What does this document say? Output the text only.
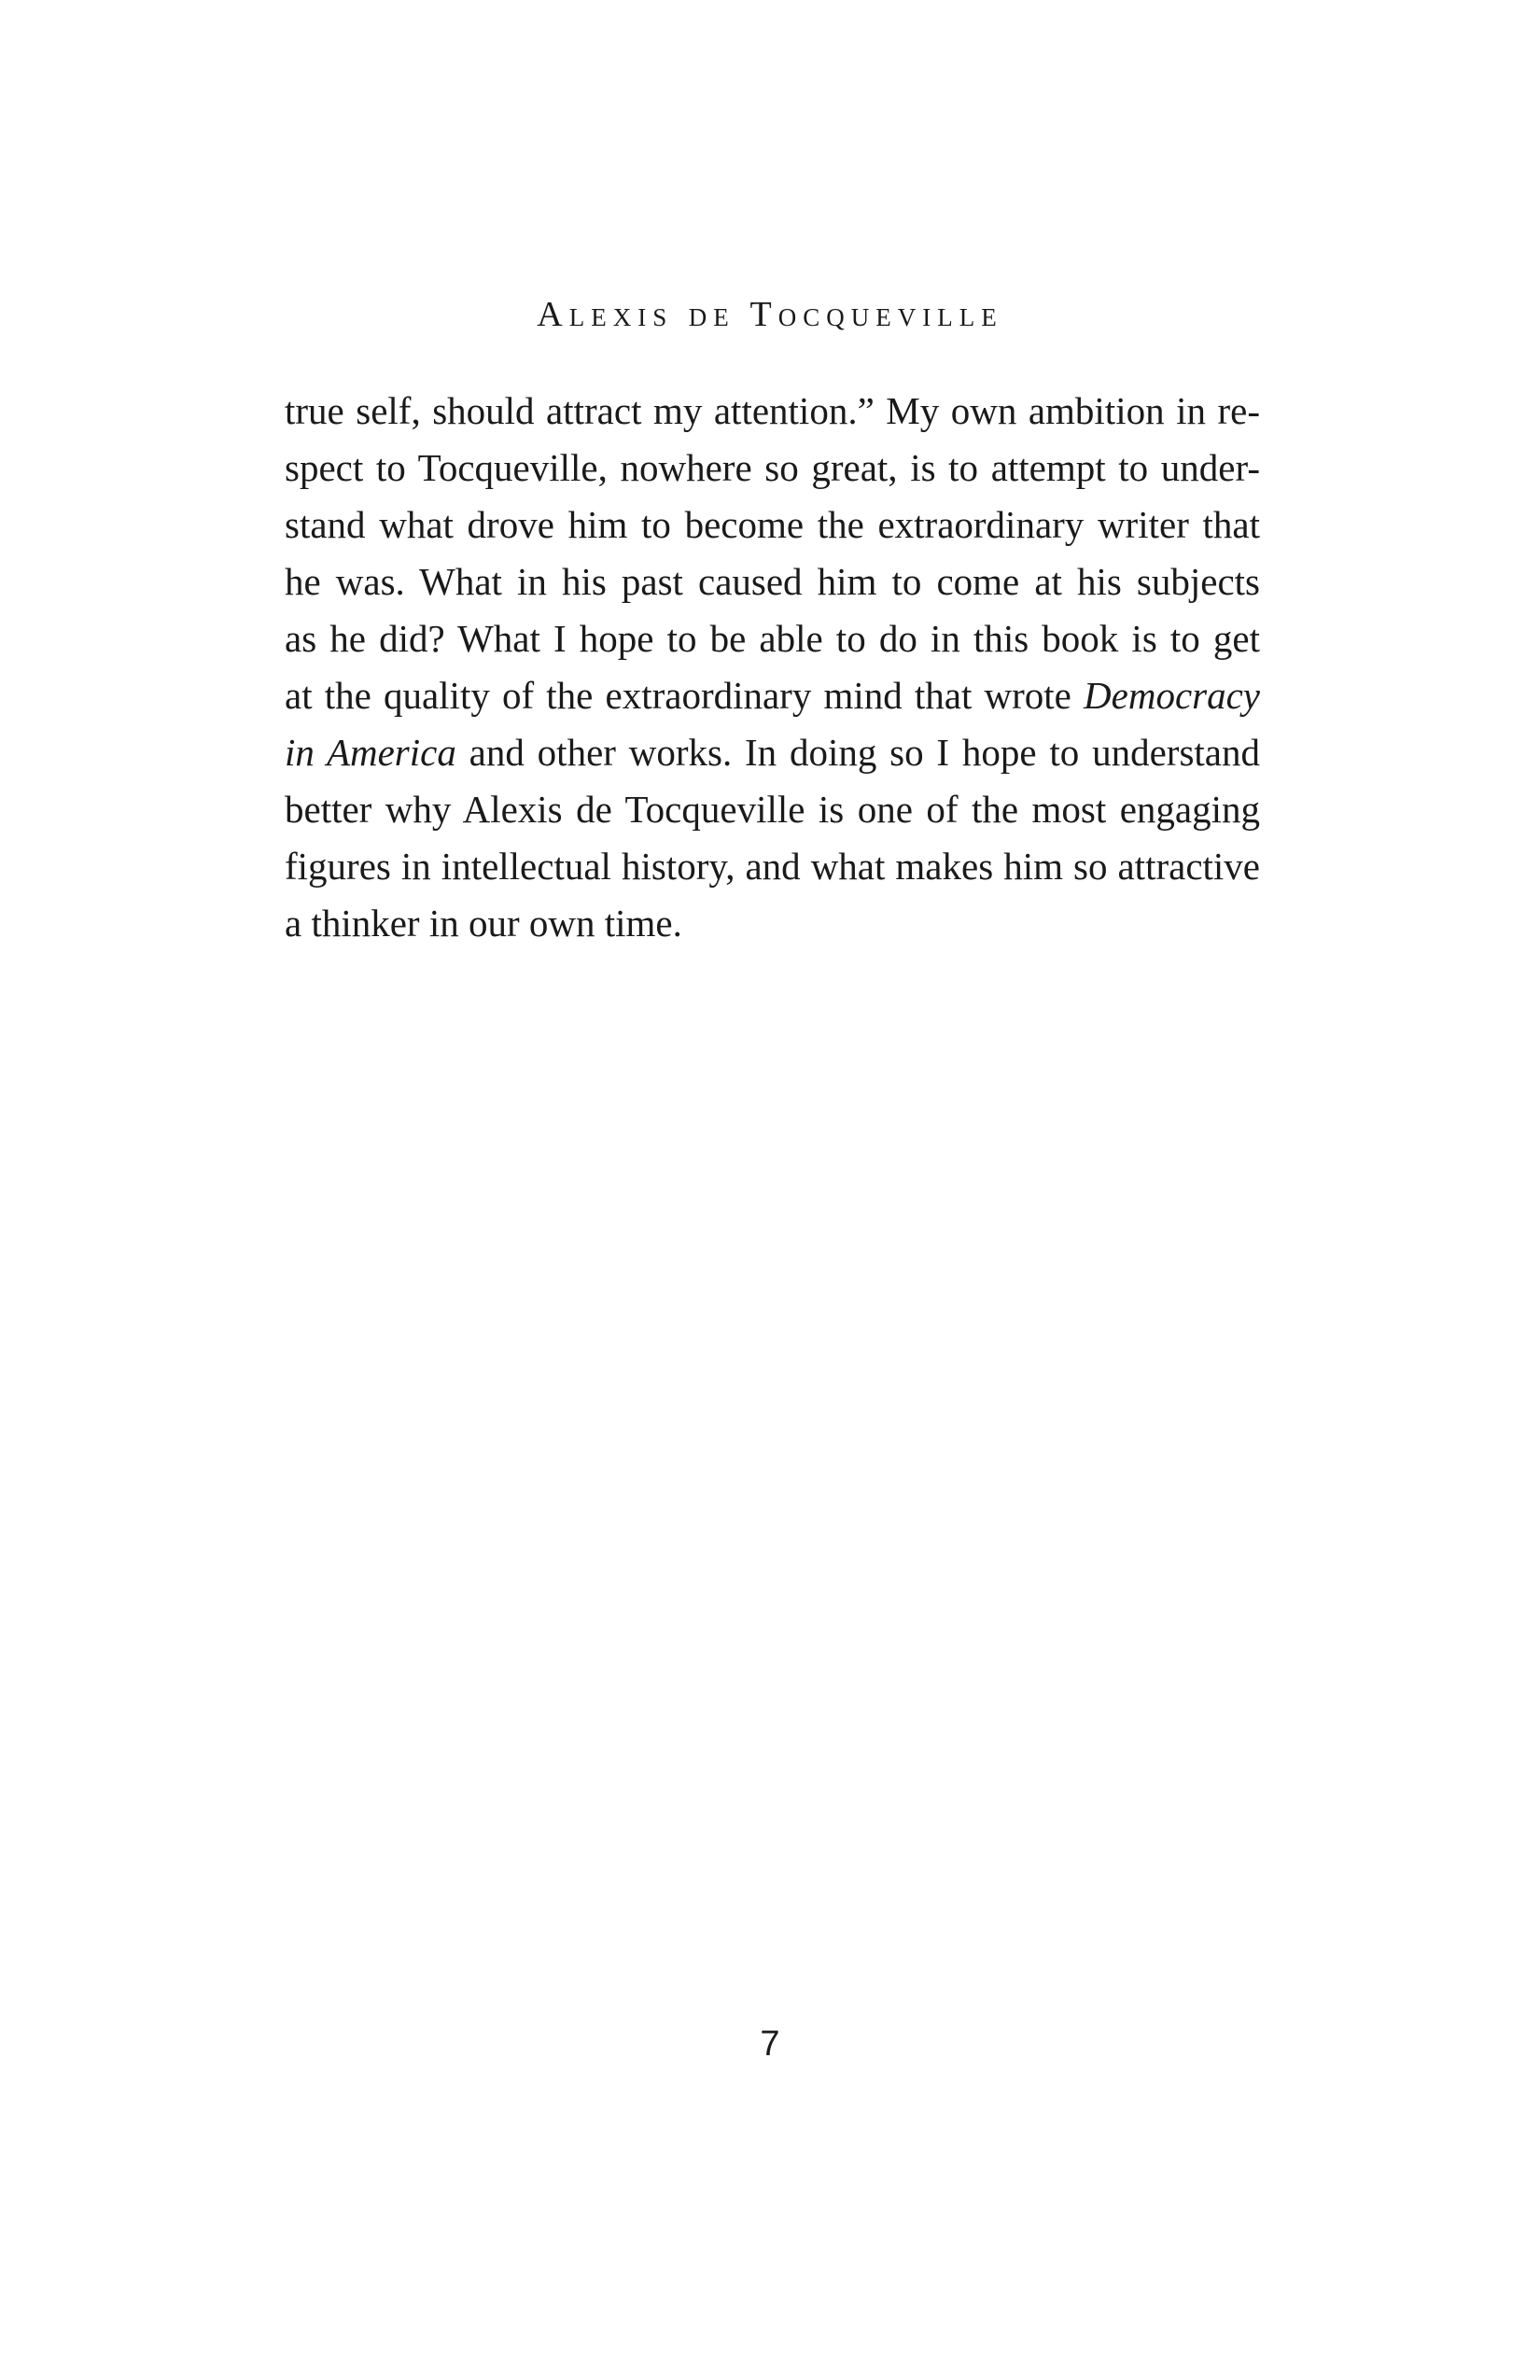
Alexis de Tocqueville
true self, should attract my attention.” My own ambition in re-
spect to Tocqueville, nowhere so great, is to attempt to under-
stand what drove him to become the extraordinary writer that
he was. What in his past caused him to come at his subjects
as he did? What I hope to be able to do in this book is to get
at the quality of the extraordinary mind that wrote Democracy
in America and other works. In doing so I hope to understand
better why Alexis de Tocqueville is one of the most engaging
figures in intellectual history, and what makes him so attractive
a thinker in our own time.
7
